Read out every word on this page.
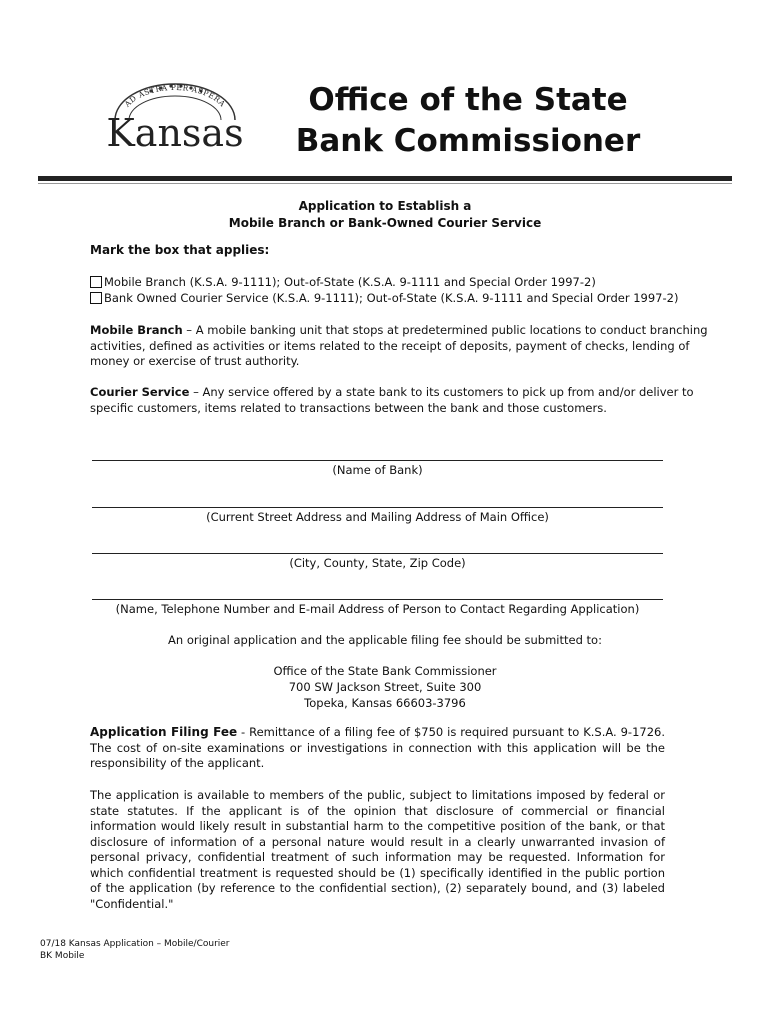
AD ASTRA PER ASPERA
Kansas
Office of the State
Bank Commissioner
Application to Establish a
Mobile Branch or Bank-Owned Courier Service
Mark the box that applies:
Mobile Branch (K.S.A. 9-1111); Out-of-State (K.S.A. 9-1111 and Special Order 1997-2)
Bank Owned Courier Service (K.S.A. 9-1111); Out-of-State (K.S.A. 9-1111 and Special Order 1997-2)
Mobile Branch – A mobile banking unit that stops at predetermined public locations to conduct branching activities, defined as activities or items related to the receipt of deposits, payment of checks, lending of money or exercise of trust authority.
Courier Service – Any service offered by a state bank to its customers to pick up from and/or deliver to specific customers, items related to transactions between the bank and those customers.
(Name of Bank)
(Current Street Address and Mailing Address of Main Office)
(City, County, State, Zip Code)
(Name, Telephone Number and E-mail Address of Person to Contact Regarding Application)
An original application and the applicable filing fee should be submitted to:
Office of the State Bank Commissioner
700 SW Jackson Street, Suite 300
Topeka, Kansas 66603-3796
Application Filing Fee - Remittance of a filing fee of $750 is required pursuant to K.S.A. 9-1726. The cost of on-site examinations or investigations in connection with this application will be the responsibility of the applicant.
The application is available to members of the public, subject to limitations imposed by federal or state statutes. If the applicant is of the opinion that disclosure of commercial or financial information would likely result in substantial harm to the competitive position of the bank, or that disclosure of information of a personal nature would result in a clearly unwarranted invasion of personal privacy, confidential treatment of such information may be requested. Information for which confidential treatment is requested should be (1) specifically identified in the public portion of the application (by reference to the confidential section), (2) separately bound, and (3) labeled "Confidential."
07/18 Kansas Application – Mobile/Courier
BK Mobile
